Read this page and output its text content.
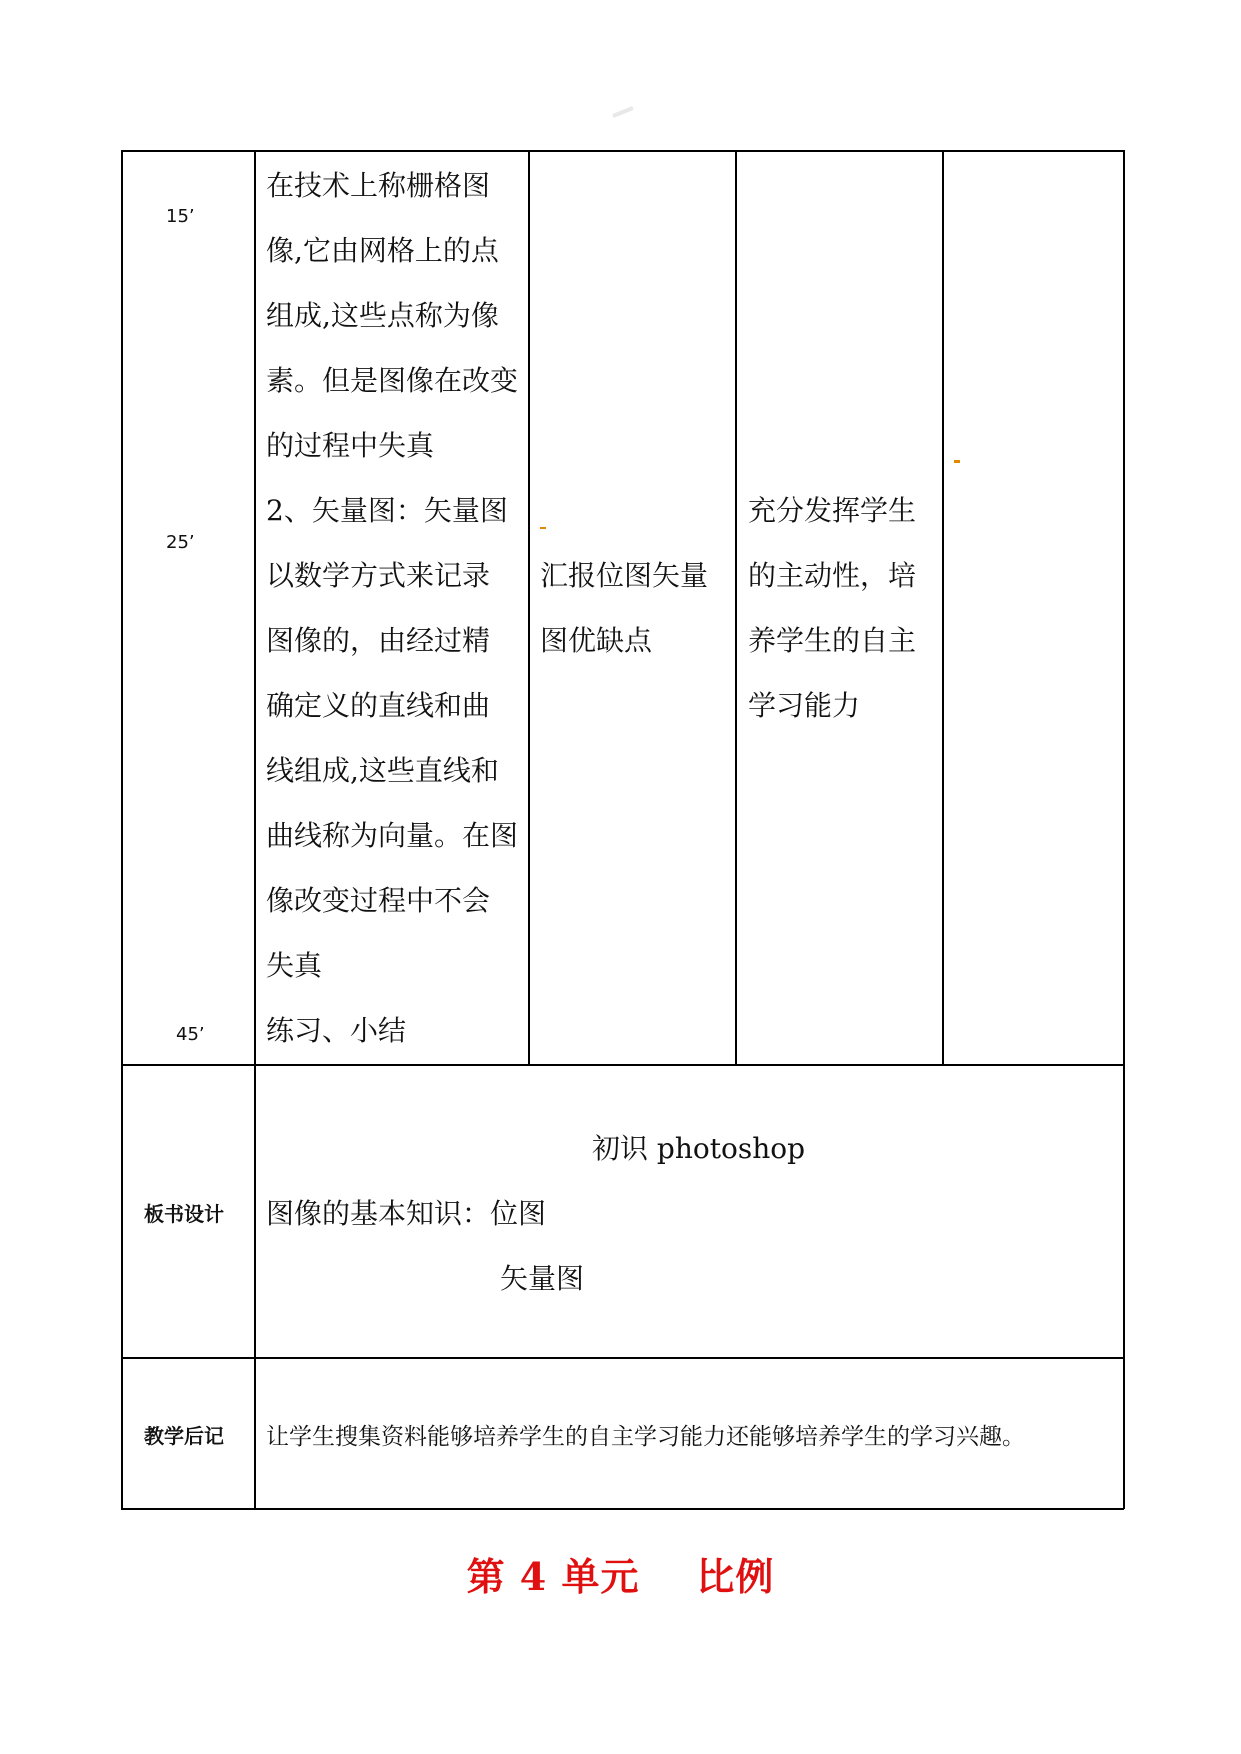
15’
25’
45’
在技术上称栅格图
像,它由网格上的点
组成,这些点称为像
素。但是图像在改变
的过程中失真
2、矢量图：矢量图
以数学方式来记录
图像的，由经过精
确定义的直线和曲
线组成,这些直线和
曲线称为向量。在图
像改变过程中不会
失真
练习、小结
汇报位图矢量
图优缺点
充分发挥学生
的主动性，培
养学生的自主
学习能力
板书设计
初识 photoshop
图像的基本知识：位图
矢量图
教学后记 让学生搜集资料能够培养学生的自主学习能力还能够培养学生的学习兴趣。
第 4 单元    比例
